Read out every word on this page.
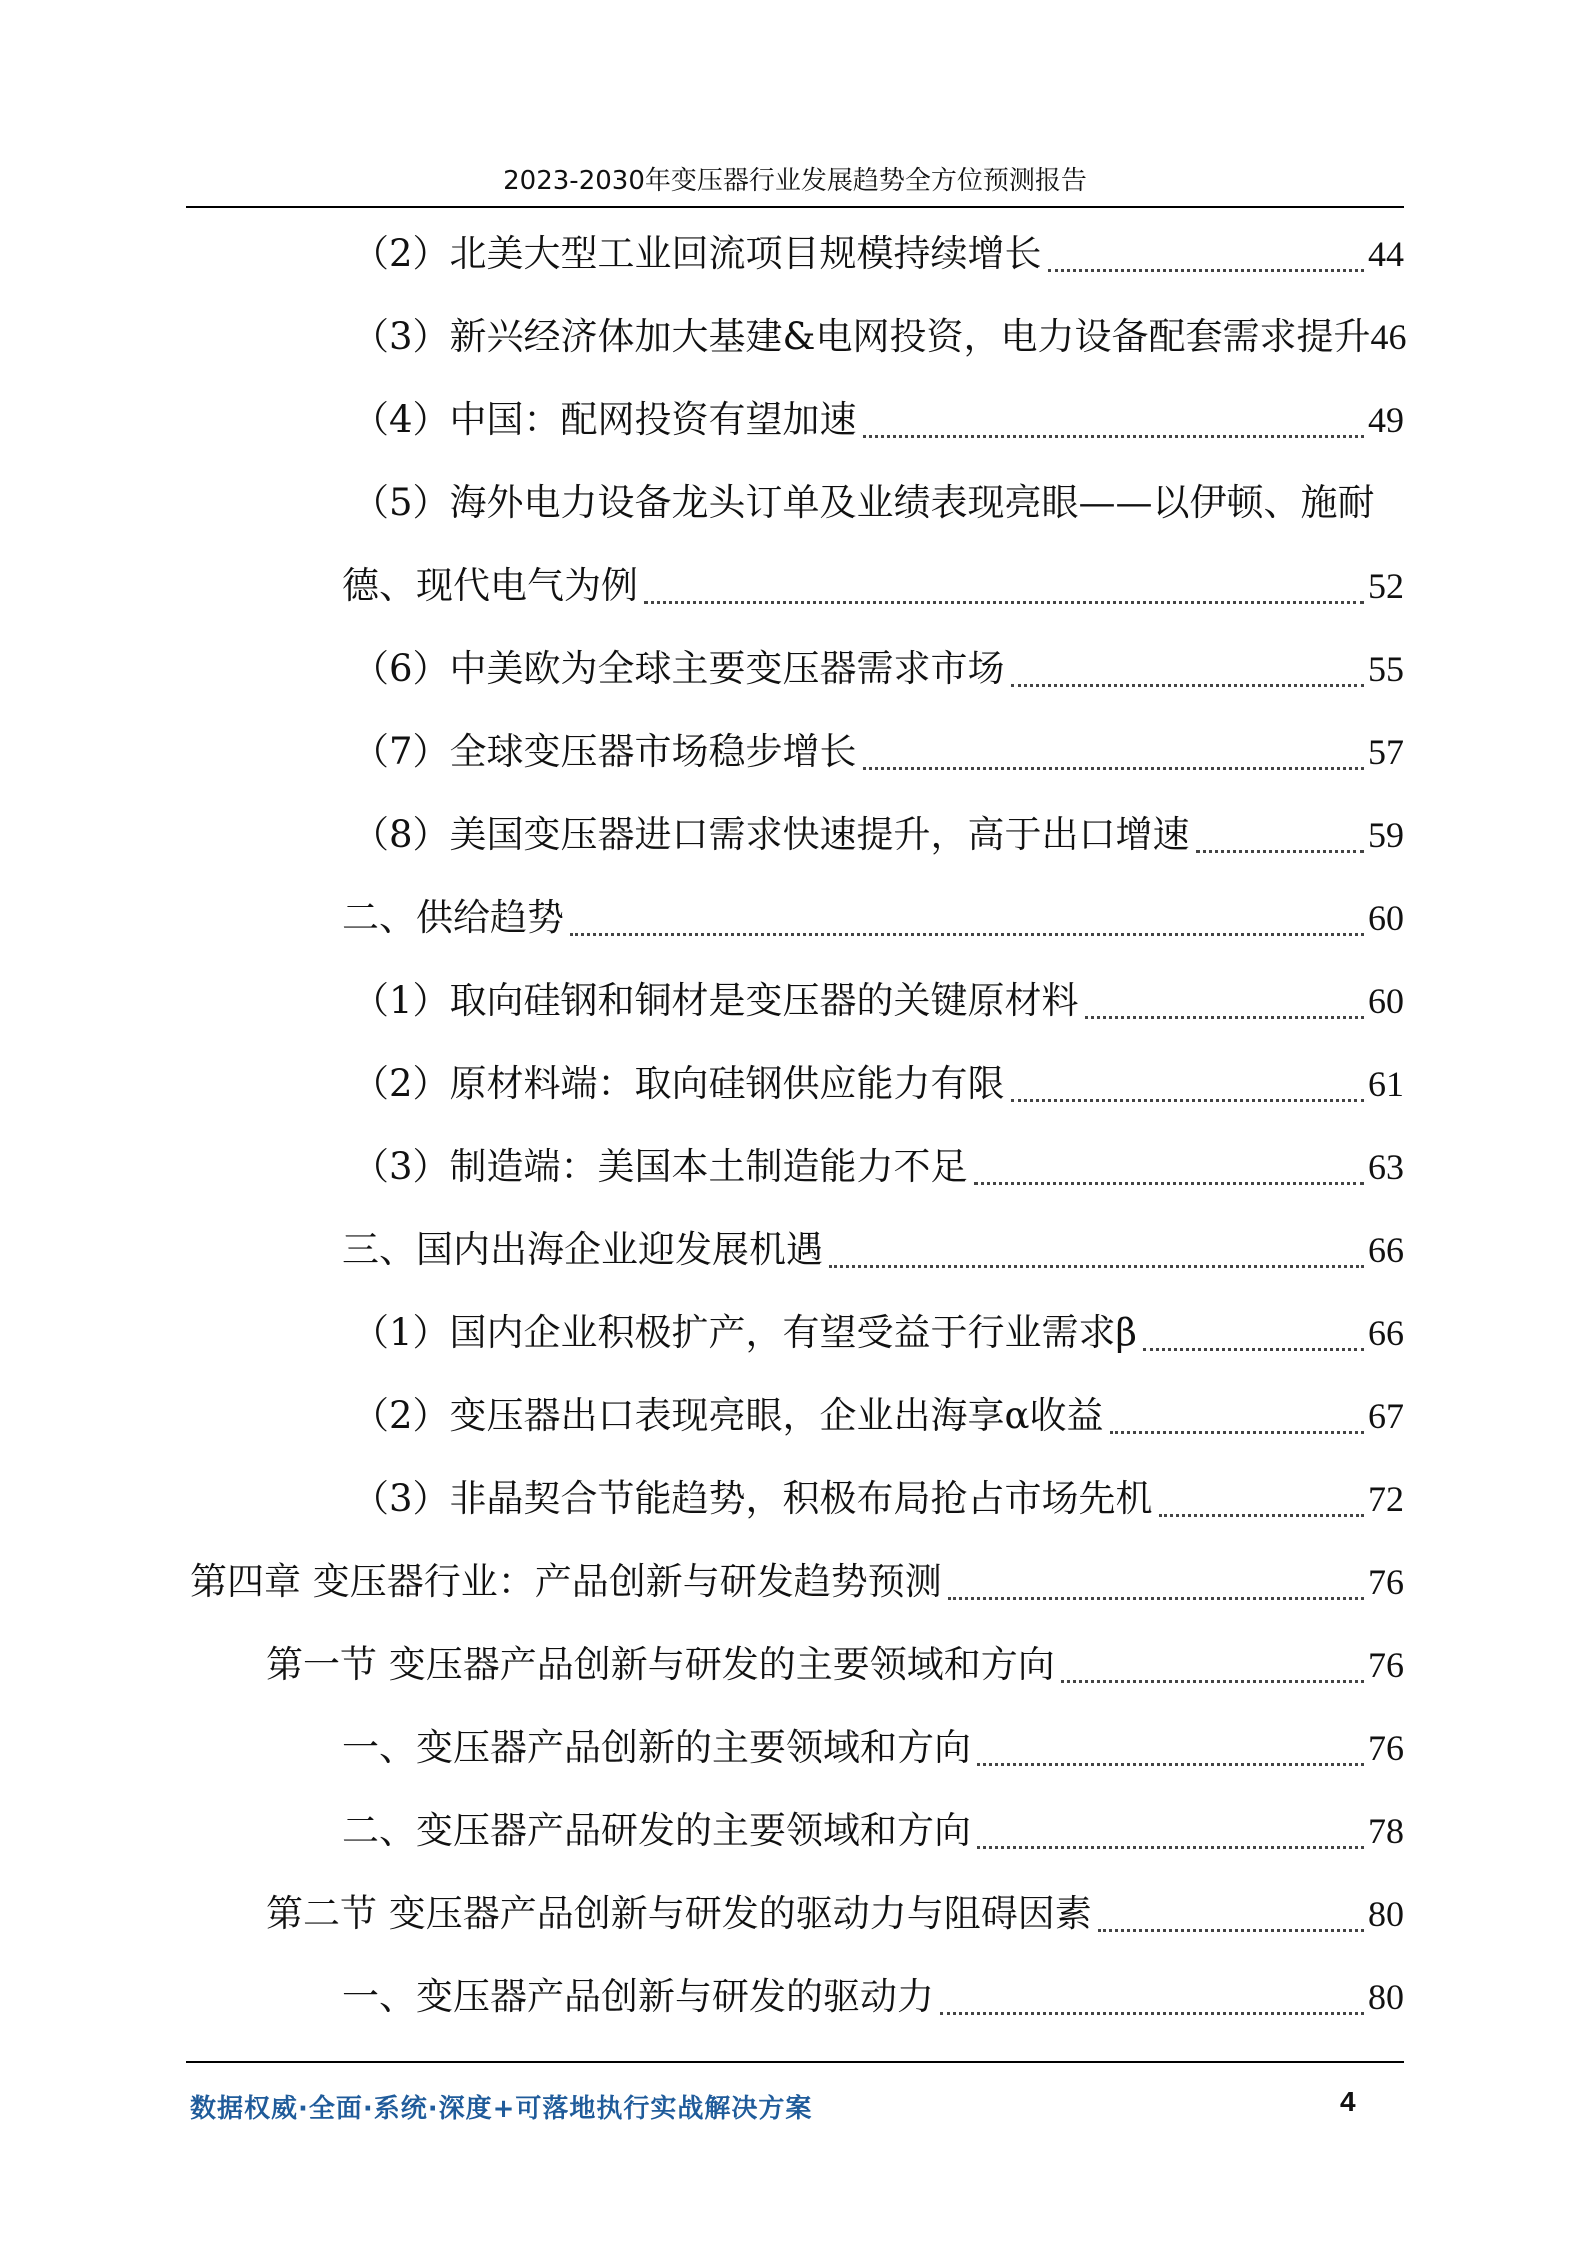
2023-2030年变压器行业发展趋势全方位预测报告
（2）北美大型工业回流项目规模持续增长	44
（3）新兴经济体加大基建&电网投资，电力设备配套需求提升 46
（4）中国：配网投资有望加速	49
（5）海外电力设备龙头订单及业绩表现亮眼——以伊顿、施耐
德、现代电气为例	52
（6）中美欧为全球主要变压器需求市场	55
（7）全球变压器市场稳步增长	57
（8）美国变压器进口需求快速提升，高于出口增速	59
二、供给趋势	60
（1）取向硅钢和铜材是变压器的关键原材料	60
（2）原材料端：取向硅钢供应能力有限	61
（3）制造端：美国本土制造能力不足	63
三、国内出海企业迎发展机遇	66
（1）国内企业积极扩产，有望受益于行业需求β	66
（2）变压器出口表现亮眼，企业出海享α收益	67
（3）非晶契合节能趋势，积极布局抢占市场先机	72
第四章 变压器行业：产品创新与研发趋势预测	76
第一节 变压器产品创新与研发的主要领域和方向	76
一、变压器产品创新的主要领域和方向	76
二、变压器产品研发的主要领域和方向	78
第二节 变压器产品创新与研发的驱动力与阻碍因素	80
一、变压器产品创新与研发的驱动力	80
数据权威·全面·系统·深度+可落地执行实战解决方案	4
